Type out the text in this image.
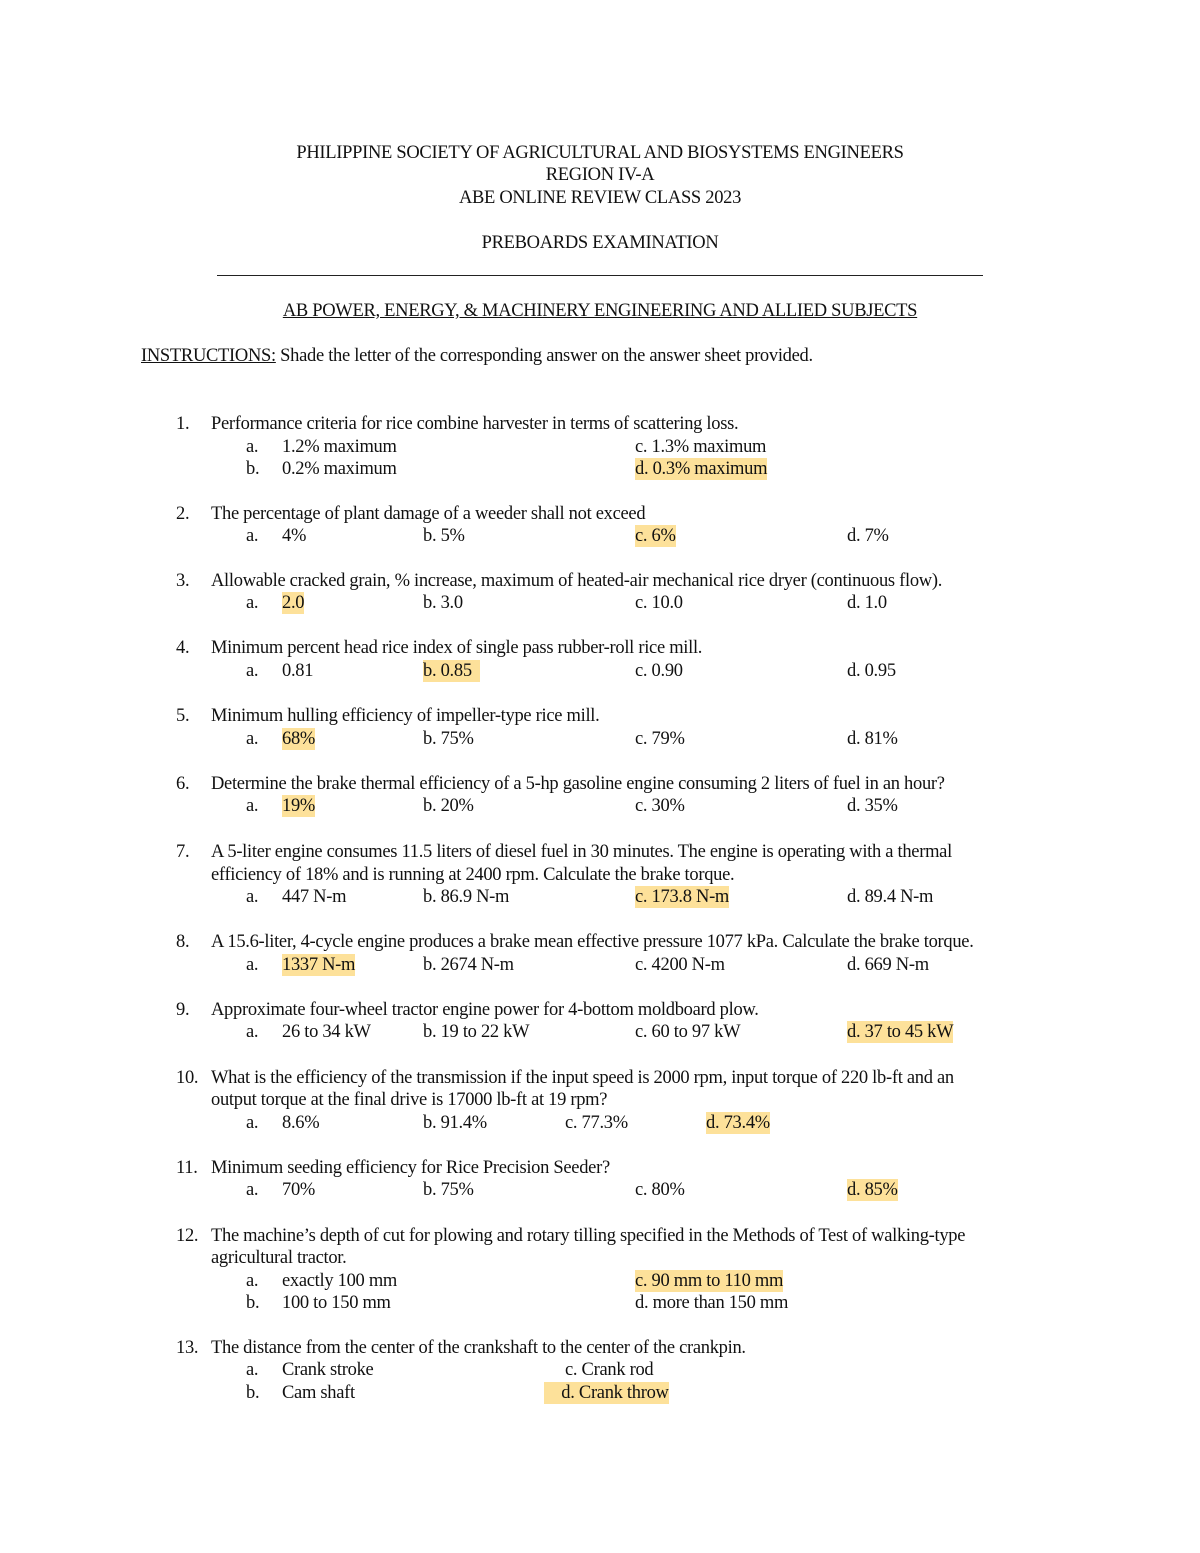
PHILIPPINE SOCIETY OF AGRICULTURAL AND BIOSYSTEMS ENGINEERS
REGION IV-A
ABE ONLINE REVIEW CLASS 2023
PREBOARDS EXAMINATION
AB POWER, ENERGY, & MACHINERY ENGINEERING AND ALLIED SUBJECTS
INSTRUCTIONS: Shade the letter of the corresponding answer on the answer sheet provided.
1. Performance criteria for rice combine harvester in terms of scattering loss.
a. 1.2% maximum	c. 1.3% maximum
b. 0.2% maximum	d. 0.3% maximum
2. The percentage of plant damage of a weeder shall not exceed
a. 4%	b. 5%	c. 6%	d. 7%
3. Allowable cracked grain, % increase, maximum of heated-air mechanical rice dryer (continuous flow).
a. 2.0	b. 3.0	c. 10.0	d. 1.0
4. Minimum percent head rice index of single pass rubber-roll rice mill.
a. 0.81	b. 0.85	c. 0.90	d. 0.95
5. Minimum hulling efficiency of impeller-type rice mill.
a. 68%	b. 75%	c. 79%	d. 81%
6. Determine the brake thermal efficiency of a 5-hp gasoline engine consuming 2 liters of fuel in an hour?
a. 19%	b. 20%	c. 30%	d. 35%
7. A 5-liter engine consumes 11.5 liters of diesel fuel in 30 minutes. The engine is operating with a thermal
efficiency of 18% and is running at 2400 rpm. Calculate the brake torque.
a. 447 N-m	b. 86.9 N-m	c. 173.8 N-m	d. 89.4 N-m
8. A 15.6-liter, 4-cycle engine produces a brake mean effective pressure 1077 kPa. Calculate the brake torque.
a. 1337 N-m	b. 2674 N-m	c. 4200 N-m	d. 669 N-m
9. Approximate four-wheel tractor engine power for 4-bottom moldboard plow.
a. 26 to 34 kW	b. 19 to 22 kW	c. 60 to 97 kW	d. 37 to 45 kW
10. What is the efficiency of the transmission if the input speed is 2000 rpm, input torque of 220 lb-ft and an
output torque at the final drive is 17000 lb-ft at 19 rpm?
a. 8.6%	b. 91.4%	c. 77.3%	d. 73.4%
11. Minimum seeding efficiency for Rice Precision Seeder?
a. 70%	b. 75%	c. 80%	d. 85%
12. The machine’s depth of cut for plowing and rotary tilling specified in the Methods of Test of walking-type
agricultural tractor.
a. exactly 100 mm	c. 90 mm to 110 mm
b. 100 to 150 mm	d. more than 150 mm
13. The distance from the center of the crankshaft to the center of the crankpin.
a. Crank stroke	c. Crank rod
b. Cam shaft	d. Crank throw
